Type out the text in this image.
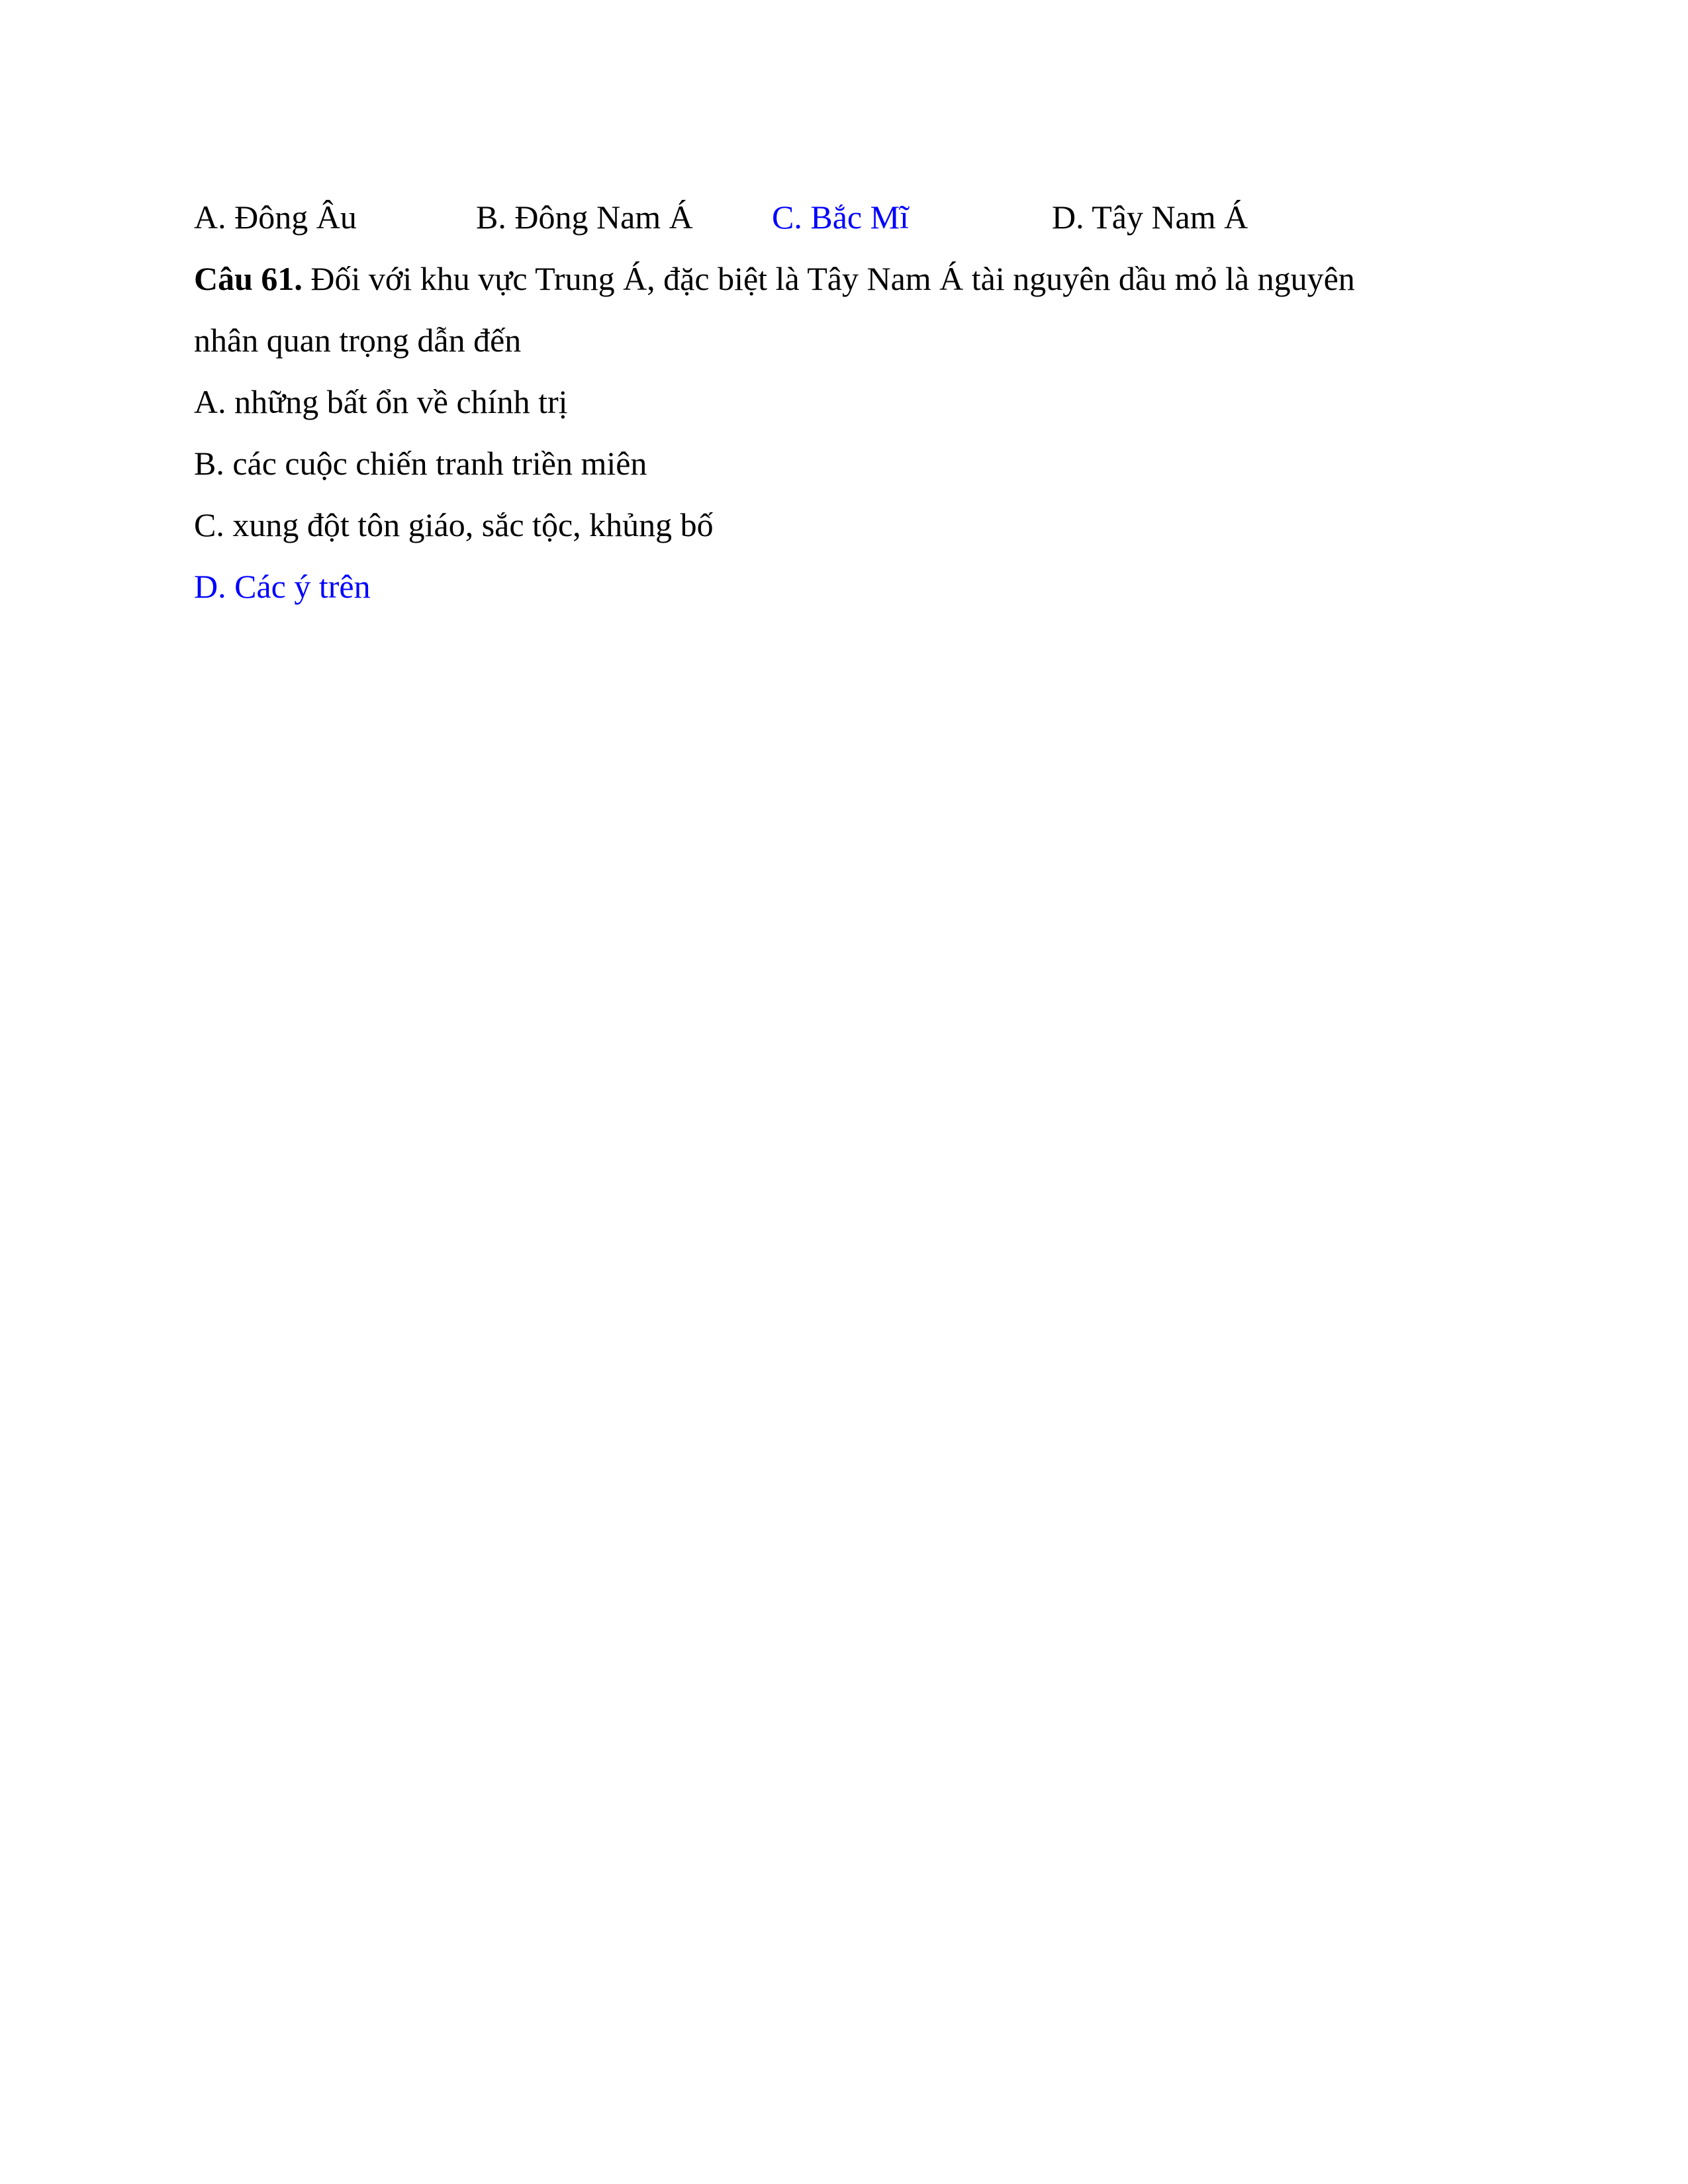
A. Đông Âu	B. Đông Nam Á C. Bắc Mĩ	D. Tây Nam Á
Câu 61. Đối với khu vực Trung Á, đặc biệt là Tây Nam Á tài nguyên dầu mỏ là nguyên
nhân quan trọng dẫn đến
A. những bất ổn về chính trị
B. các cuộc chiến tranh triền miên
C. xung đột tôn giáo, sắc tộc, khủng bố
D. Các ý trên
